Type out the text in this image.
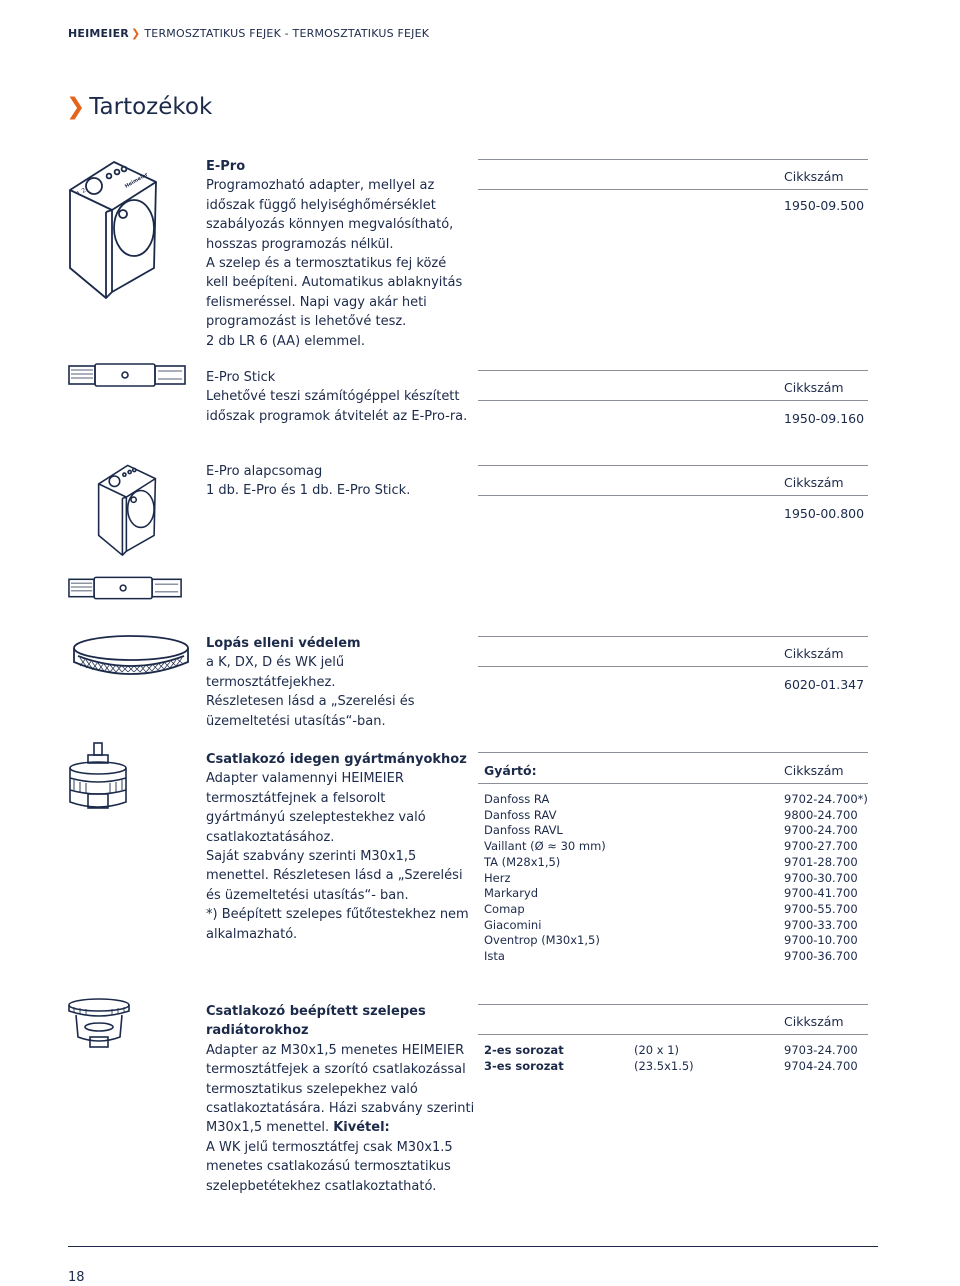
HEIMEIER ❯ TERMOSZTATIKUS FEJEK - TERMOSZTATIKUS FEJEK
❯ Tartozékok
1 2
Heimeier
E-Pro
Programozható adapter, mellyel az
időszak függő helyiséghőmérséklet
szabályozás könnyen megvalósítható,
hosszas programozás nélkül.
A szelep és a termosztatikus fej közé
kell beépíteni. Automatikus ablaknyitás
felismeréssel. Napi vagy akár heti
programozást is lehetővé tesz.
2 db LR 6 (AA) elemmel.
Cikkszám
1950-09.500
E-Pro Stick
Lehetővé teszi számítógéppel készített
időszak programok átvitelét az E-Pro-ra.
Cikkszám
1950-09.160
E-Pro alapcsomag
1 db. E-Pro és 1 db. E-Pro Stick.
Cikkszám
1950-00.800
Lopás elleni védelem
a K, DX, D és WK jelű
termosztátfejekhez.
Részletesen lásd a „Szerelési és
üzemeltetési utasítás“-ban.
Cikkszám
6020-01.347
Csatlakozó idegen gyártmányokhoz
Adapter valamennyi HEIMEIER
termosztátfejnek a felsorolt
gyártmányú szeleptestekhez való
csatlakoztatásához.
Saját szabvány szerinti M30x1,5
menettel. Részletesen lásd a „Szerelési
és üzemeltetési utasítás“- ban.
*) Beépített szelepes fűtőtestekhez nem
alkalmazható.
Gyártó:	Cikkszám
Danfoss RA
Danfoss RAV
Danfoss RAVL
Vaillant (Ø ≈ 30 mm)
TA (M28x1,5)
Herz
Markaryd
Comap
Giacomini
Oventrop (M30x1,5)
Ista
9702-24.700*)
9800-24.700
9700-24.700
9700-27.700
9701-28.700
9700-30.700
9700-41.700
9700-55.700
9700-33.700
9700-10.700
9700-36.700
Csatlakozó beépített szelepes
radiátorokhoz
Adapter az M30x1,5 menetes HEIMEIER
termosztátfejek a szorító csatlakozással
termosztatikus szelepekhez való
csatlakoztatására. Házi szabvány szerinti
M30x1,5 menettel. Kivétel:
A WK jelű termosztátfej csak M30x1.5
menetes csatlakozású termosztatikus
szelepbetétekhez csatlakoztatható.
Cikkszám
2-es sorozat
3-es sorozat
(20 x 1)
(23.5x1.5)
9703-24.700
9704-24.700
18
